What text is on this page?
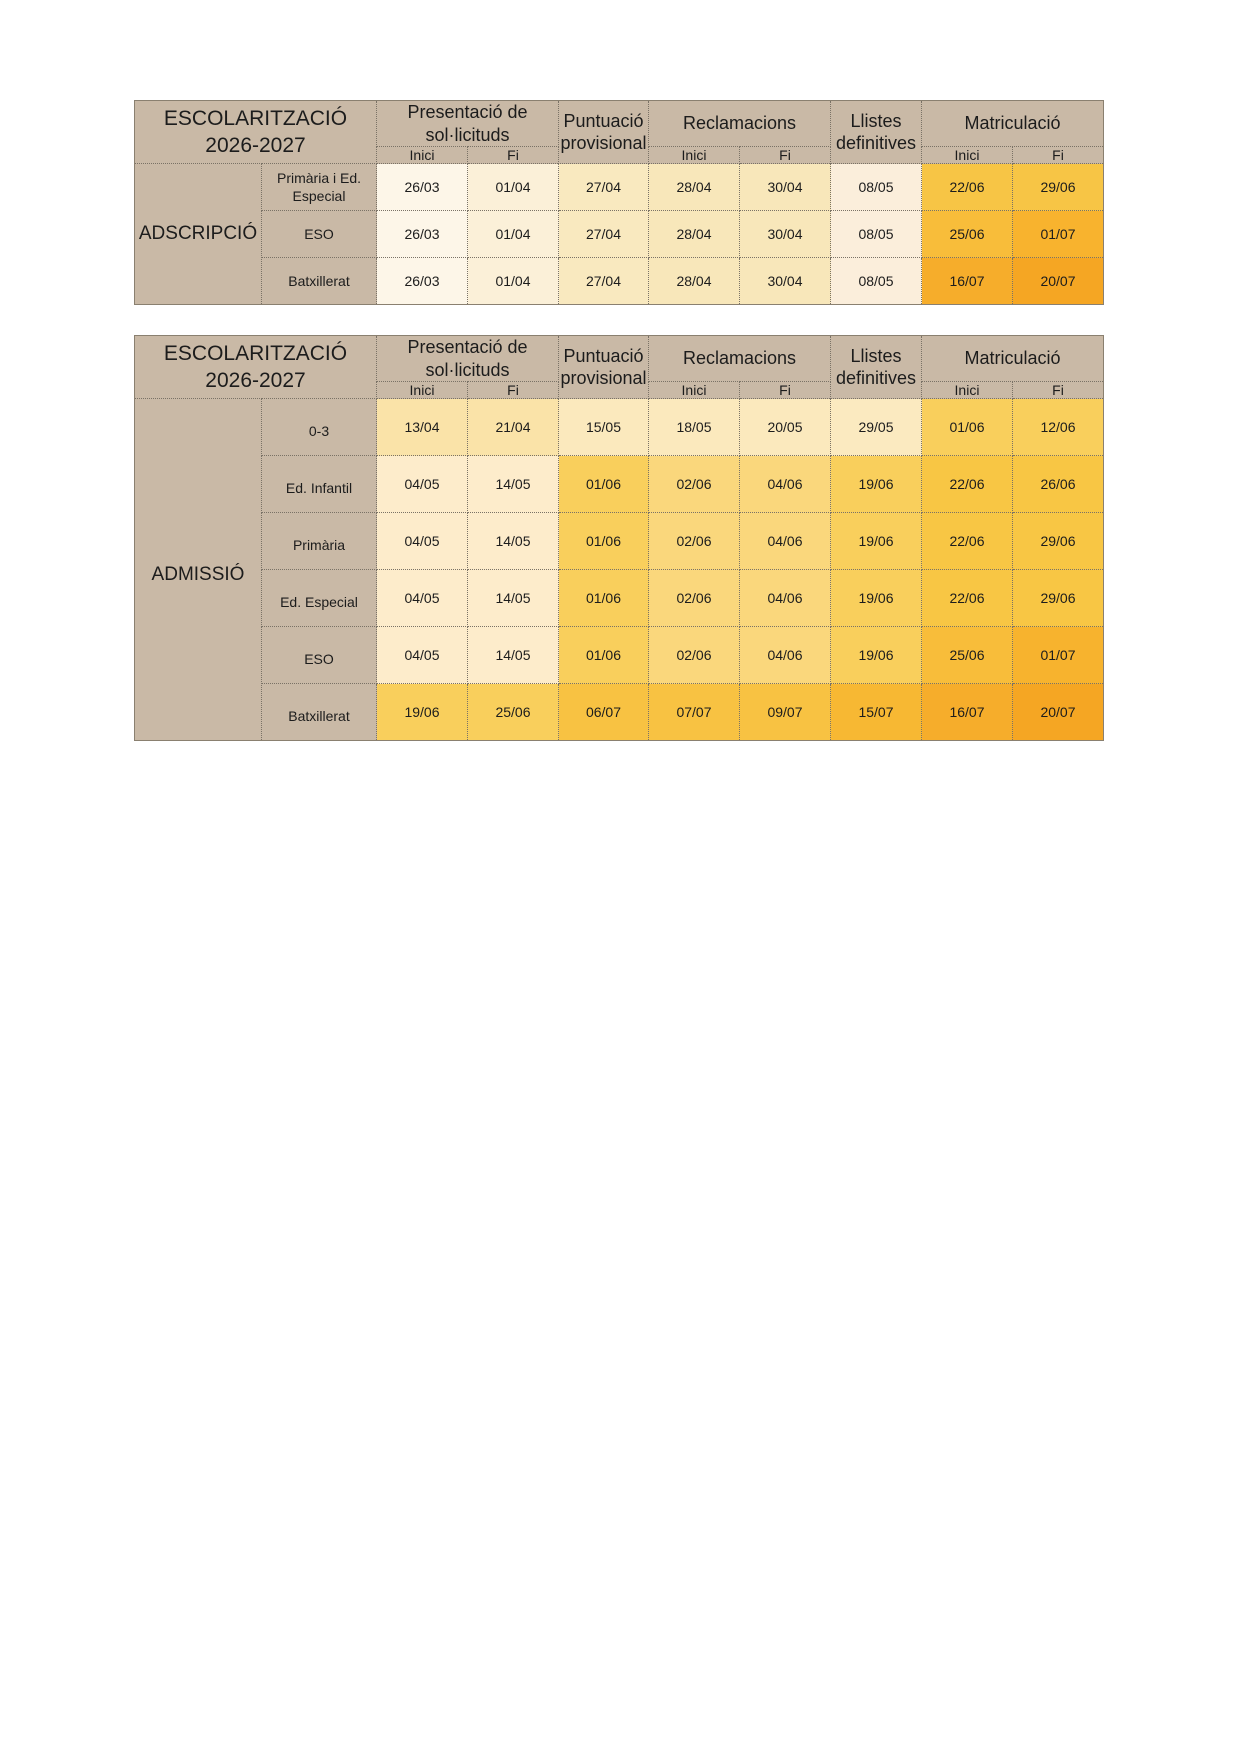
ESCOLARITZACIÓ
2026-2027		Presentació de sol·licituds		Puntuació provisional	Reclamacions		Llistes definitives	Matriculació	
		Inici	Fi		Inici	Fi		Inici	Fi
ADSCRIPCIÓ	Primària i Ed. Especial	26/03	01/04	27/04	28/04	30/04	08/05	22/06	29/06
	ESO	26/03	01/04	27/04	28/04	30/04	08/05	25/06	01/07
	Batxillerat	26/03	01/04	27/04	28/04	30/04	08/05	16/07	20/07
ESCOLARITZACIÓ
2026-2027		Presentació de sol·licituds		Puntuació provisional	Reclamacions		Llistes definitives	Matriculació	
		Inici	Fi		Inici	Fi		Inici	Fi
ADMISSIÓ	0-3	13/04	21/04	15/05	18/05	20/05	29/05	01/06	12/06
	Ed. Infantil	04/05	14/05	01/06	02/06	04/06	19/06	22/06	26/06
	Primària	04/05	14/05	01/06	02/06	04/06	19/06	22/06	29/06
	Ed. Especial	04/05	14/05	01/06	02/06	04/06	19/06	22/06	29/06
	ESO	04/05	14/05	01/06	02/06	04/06	19/06	25/06	01/07
	Batxillerat	19/06	25/06	06/07	07/07	09/07	15/07	16/07	20/07
